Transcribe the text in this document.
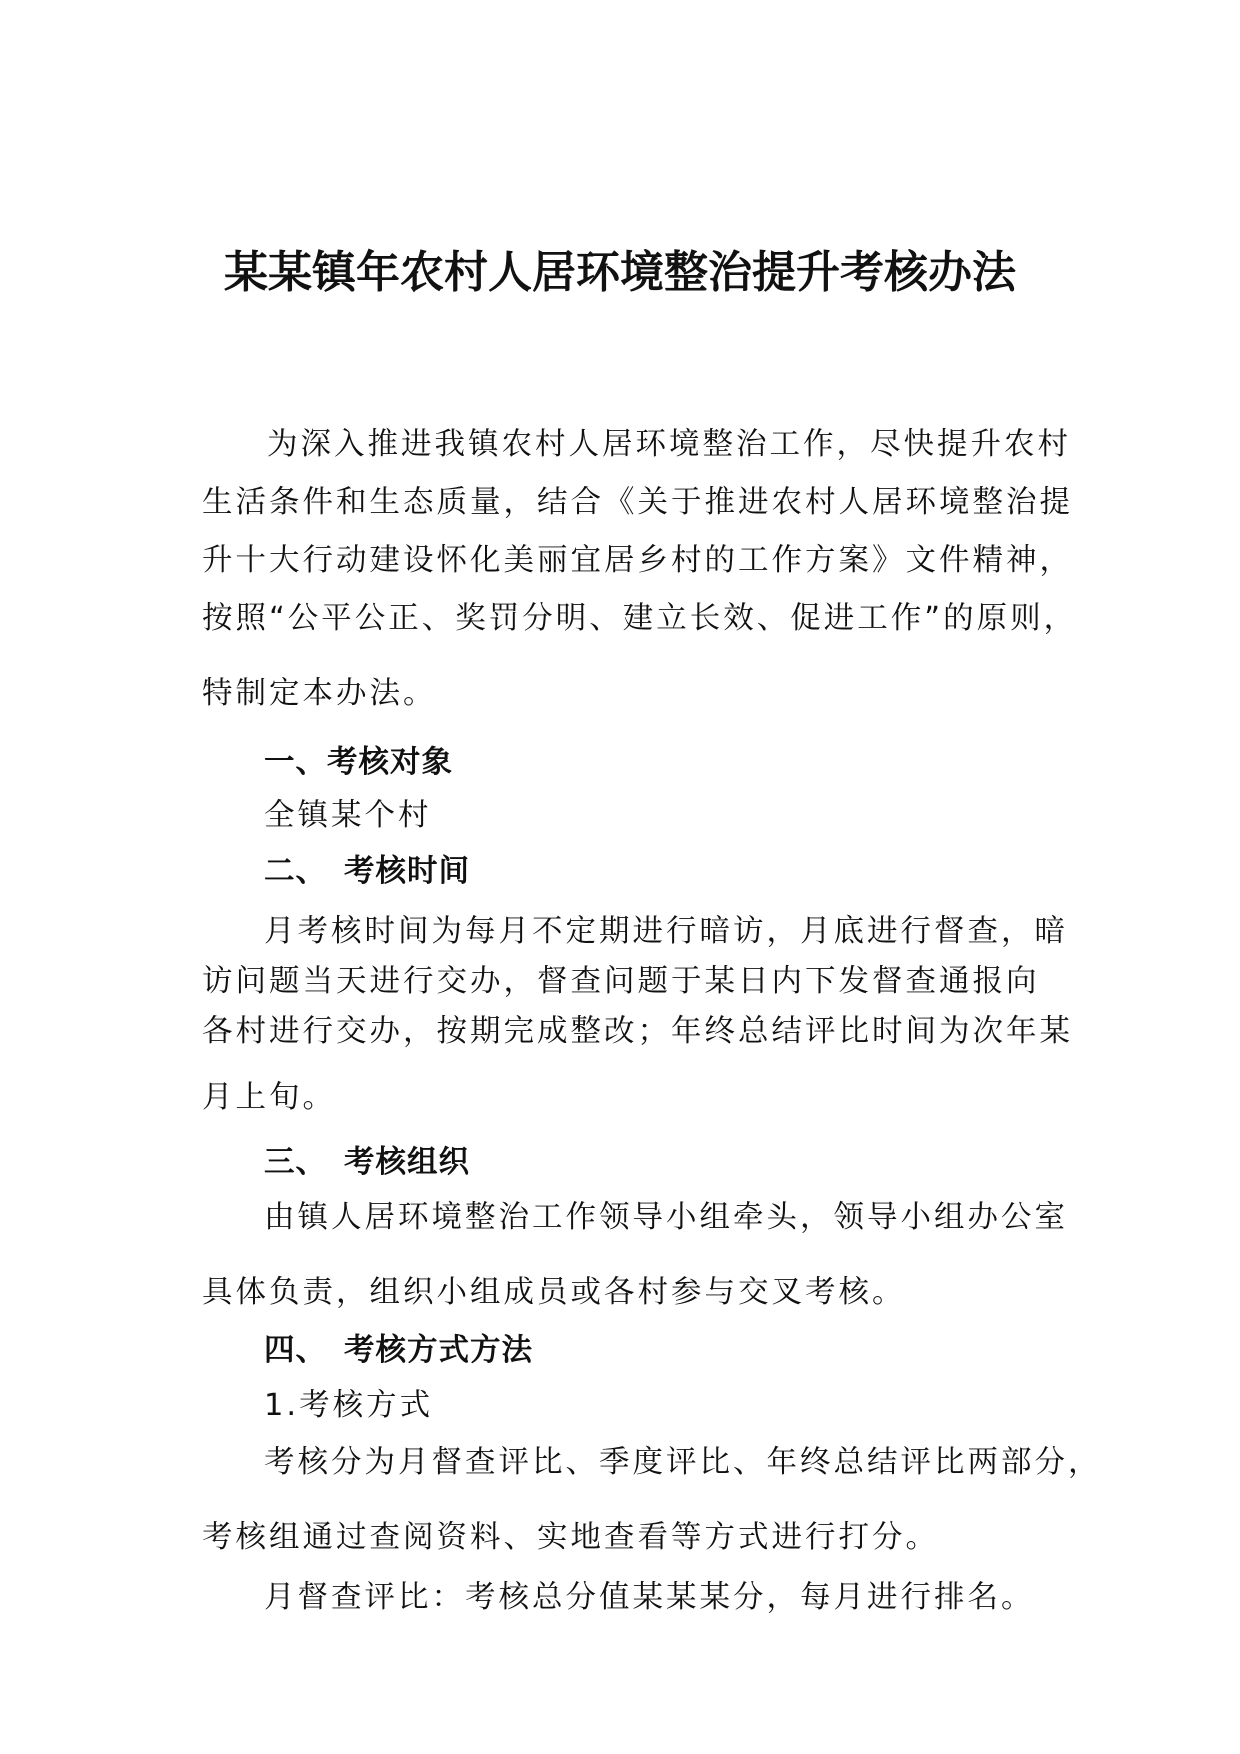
某某镇年农村人居环境整治提升考核办法

为深入推进我镇农村人居环境整治工作，尽快提升农村生活条件和生态质量，结合《关于推进农村人居环境整治提升十大行动建设怀化美丽宜居乡村的工作方案》文件精神，按照“公平公正、奖罚分明、建立长效、促进工作”的原则，

特制定本办法。

一、考核对象

全镇某个村

二、 考核时间

月考核时间为每月不定期进行暗访，月底进行督查，暗

访问题当天进行交办，督查问题于某日内下发督查通报向

各村进行交办，按期完成整改；年终总结评比时间为次年某

月上旬。

三、 考核组织

由镇人居环境整治工作领导小组牵头，领导小组办公室

具体负责，组织小组成员或各村参与交叉考核。

四、 考核方式方法

1.考核方式

考核分为月督查评比、季度评比、年终总结评比两部分，

考核组通过查阅资料、实地查看等方式进行打分。

月督查评比：考核总分值某某某分，每月进行排名。
